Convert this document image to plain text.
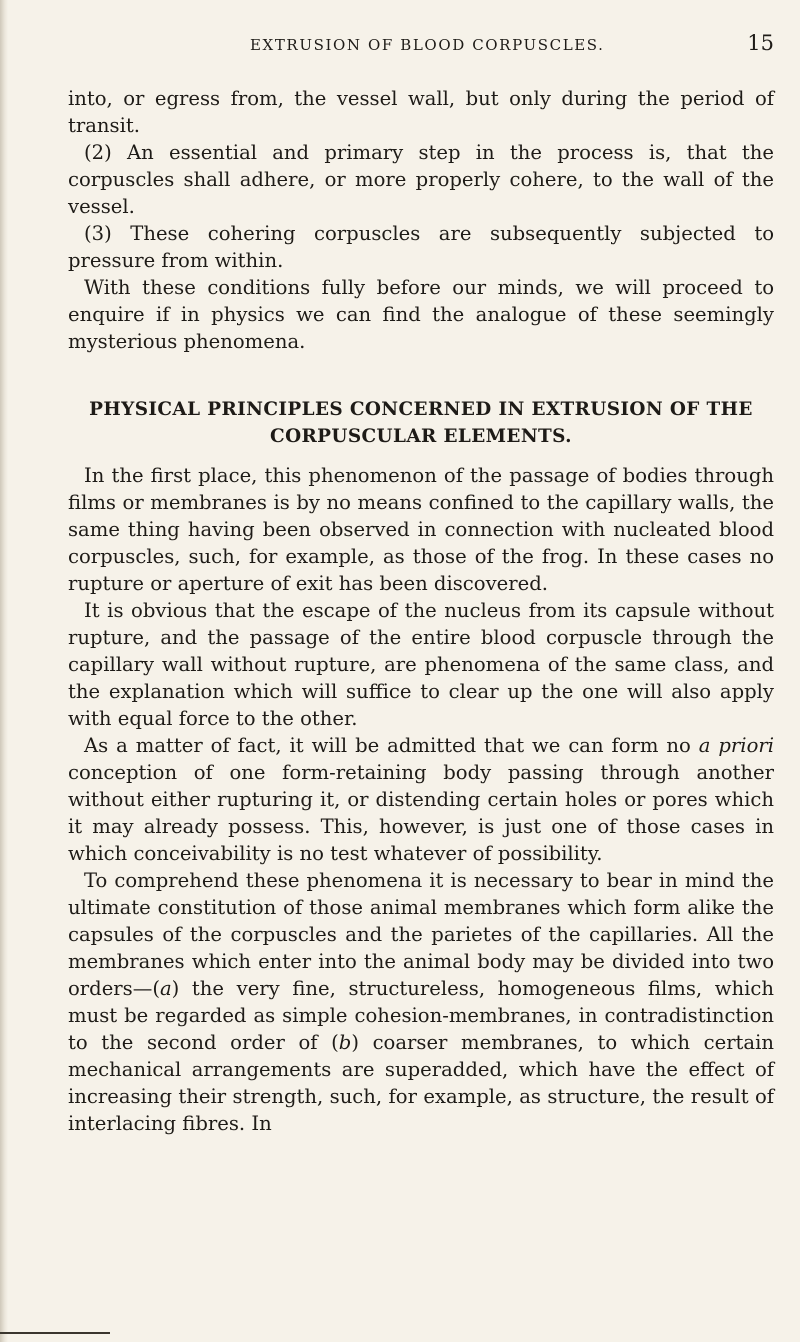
EXTRUSION OF BLOOD CORPUSCLES.	15

into, or egress from, the vessel wall, but only during the period of transit.

(2) An essential and primary step in the process is, that the corpuscles shall adhere, or more properly cohere, to the wall of the vessel.

(3) These cohering corpuscles are subsequently subjected to pressure from within.

With these conditions fully before our minds, we will proceed to enquire if in physics we can find the analogue of these seemingly mysterious phenomena.

PHYSICAL PRINCIPLES CONCERNED IN EXTRUSION OF THE
CORPUSCULAR ELEMENTS.

In the first place, this phenomenon of the passage of bodies through films or membranes is by no means confined to the capillary walls, the same thing having been observed in connection with nucleated blood corpuscles, such, for example, as those of the frog. In these cases no rupture or aperture of exit has been discovered.

It is obvious that the escape of the nucleus from its capsule without rupture, and the passage of the entire blood corpuscle through the capillary wall without rupture, are phenomena of the same class, and the explanation which will suffice to clear up the one will also apply with equal force to the other.

As a matter of fact, it will be admitted that we can form no a priori conception of one form-retaining body passing through another without either rupturing it, or distending certain holes or pores which it may already possess. This, however, is just one of those cases in which conceivability is no test whatever of possibility.

To comprehend these phenomena it is necessary to bear in mind the ultimate constitution of those animal membranes which form alike the capsules of the corpuscles and the parietes of the capillaries. All the membranes which enter into the animal body may be divided into two orders—(a) the very fine, structureless, homogeneous films, which must be regarded as simple cohesion-membranes, in contradistinction to the second order of (b) coarser membranes, to which certain mechanical arrangements are superadded, which have the effect of increasing their strength, such, for example, as structure, the result of interlacing fibres. In
